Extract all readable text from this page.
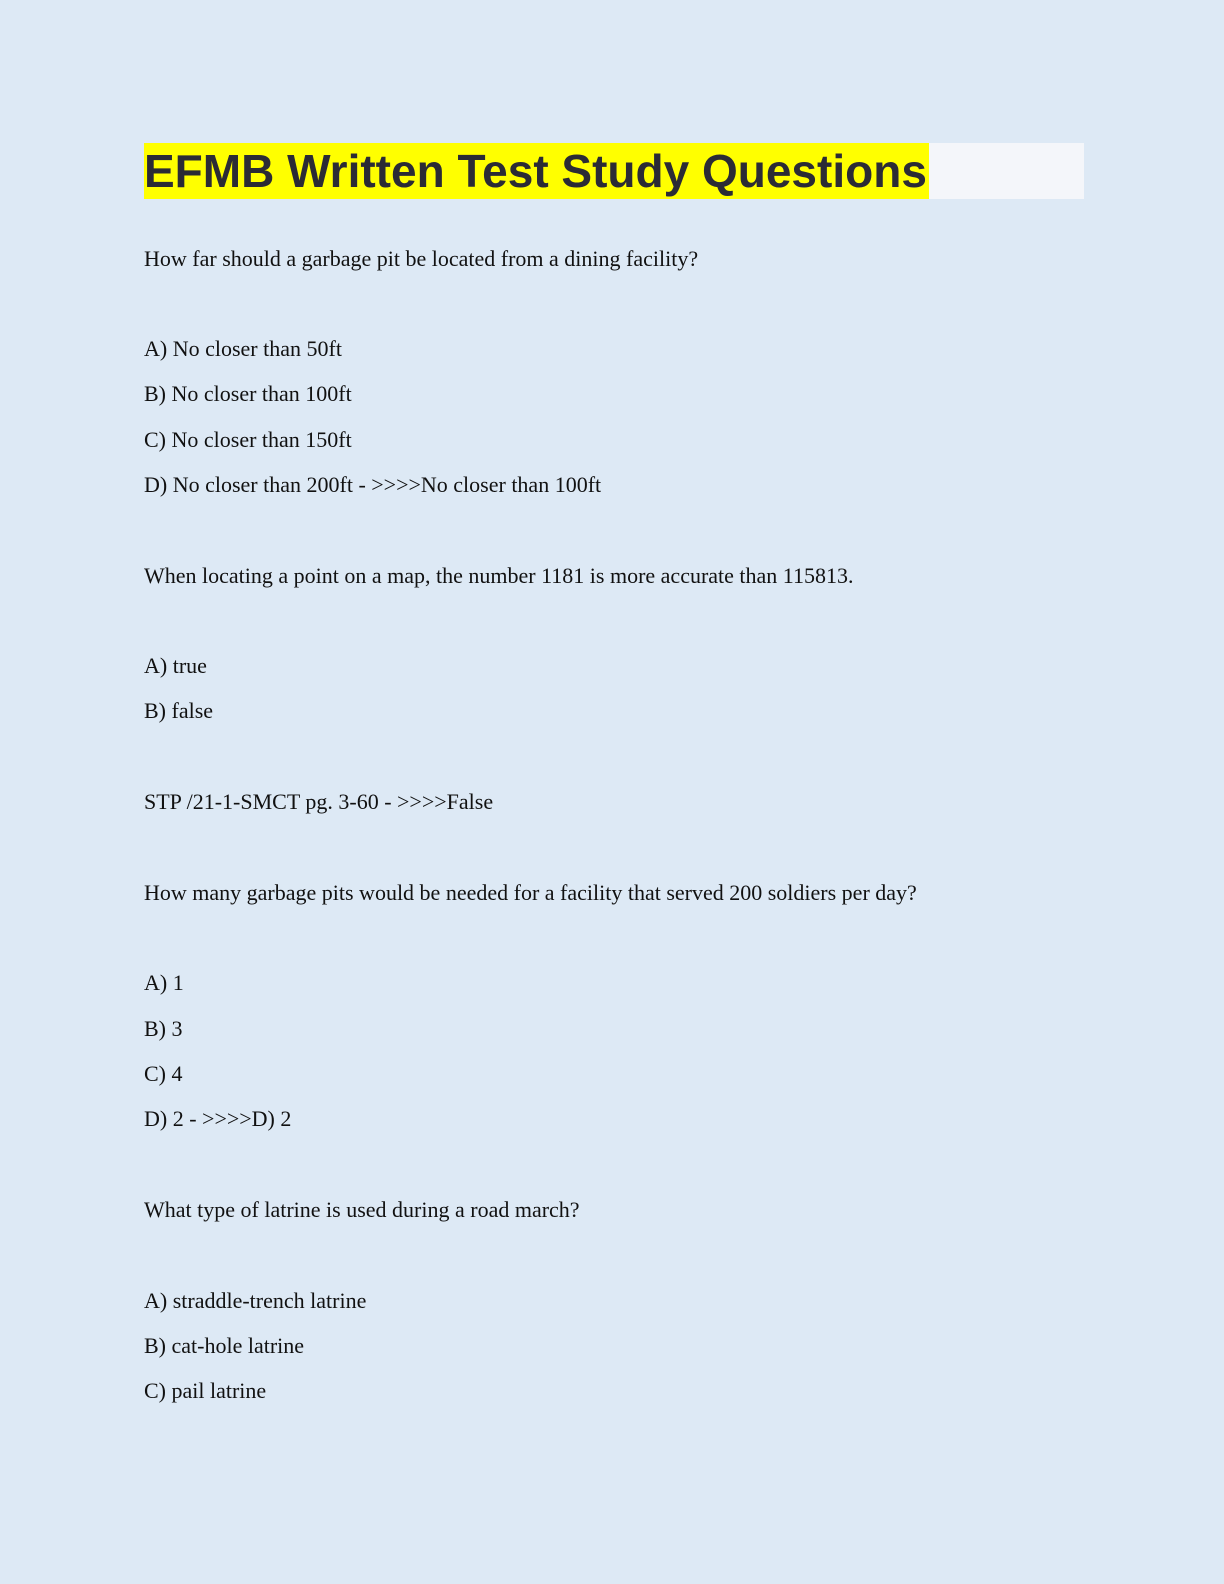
EFMB Written Test Study Questions

How far should a garbage pit be located from a dining facility?

A) No closer than 50ft

B) No closer than 100ft

C) No closer than 150ft

D) No closer than 200ft - >>>>No closer than 100ft

When locating a point on a map, the number 1181 is more accurate than 115813.

A) true

B) false

STP /21-1-SMCT pg. 3-60 - >>>>False

How many garbage pits would be needed for a facility that served 200 soldiers per day?

A) 1

B) 3

C) 4

D) 2 - >>>>D) 2

What type of latrine is used during a road march?

A) straddle-trench latrine

B) cat-hole latrine

C) pail latrine
